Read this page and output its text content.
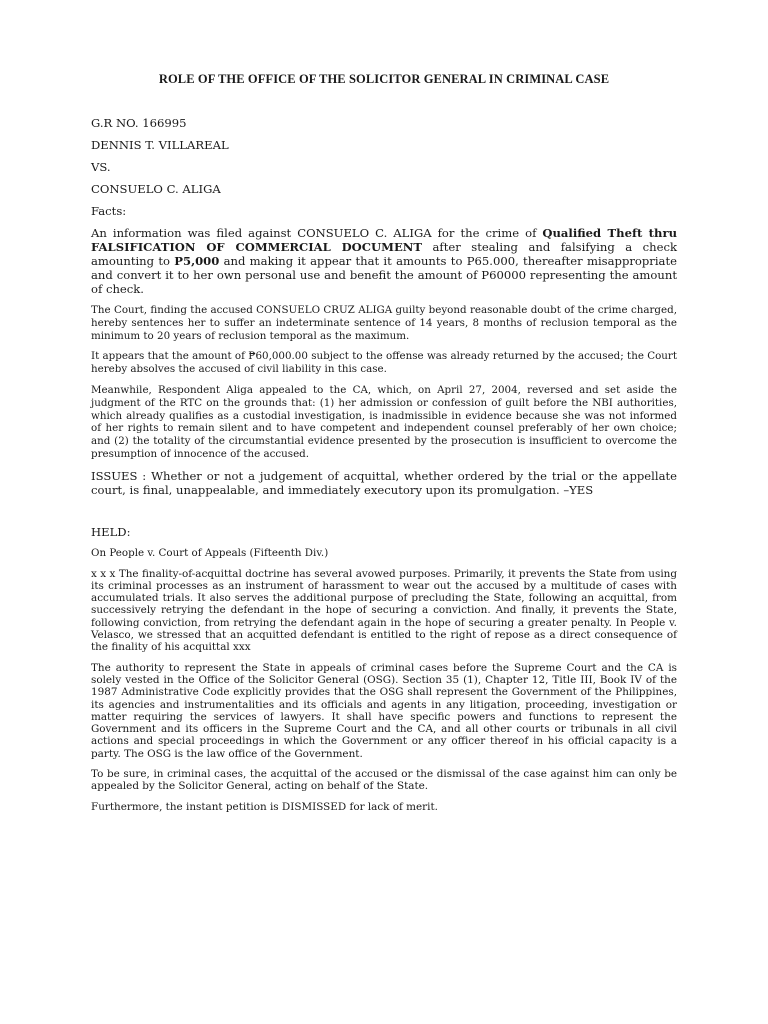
ROLE OF THE OFFICE OF THE SOLICITOR GENERAL IN CRIMINAL CASE
G.R NO. 166995
DENNIS T. VILLAREAL
VS.
CONSUELO C. ALIGA
Facts:

An information was filed against CONSUELO C. ALIGA for the crime of Qualified Theft thru FALSIFICATION OF COMMERCIAL DOCUMENT after stealing and falsifying a check amounting to P5,000 and making it appear that it amounts to P65.000, thereafter misappropriate and convert it to her own personal use and benefit the amount of P60000 representing the amount of check.

The Court, finding the accused CONSUELO CRUZ ALIGA guilty beyond reasonable doubt of the crime charged, hereby sentences her to suffer an indeterminate sentence of 14 years, 8 months of reclusion temporal as the minimum to 20 years of reclusion temporal as the maximum.

It appears that the amount of ₱60,000.00 subject to the offense was already returned by the accused; the Court hereby absolves the accused of civil liability in this case.

Meanwhile, Respondent Aliga appealed to the CA, which, on April 27, 2004, reversed and set aside the judgment of the RTC on the grounds that: (1) her admission or confession of guilt before the NBI authorities, which already qualifies as a custodial investigation, is inadmissible in evidence because she was not informed of her rights to remain silent and to have competent and independent counsel preferably of her own choice; and (2) the totality of the circumstantial evidence presented by the prosecution is insufficient to overcome the presumption of innocence of the accused.

ISSUES : Whether or not a judgement of acquittal, whether ordered by the trial or the appellate court, is final, unappealable, and immediately executory upon its promulgation. –YES

HELD:

On People v. Court of Appeals (Fifteenth Div.)

x x x The finality-of-acquittal doctrine has several avowed purposes. Primarily, it prevents the State from using its criminal processes as an instrument of harassment to wear out the accused by a multitude of cases with accumulated trials. It also serves the additional purpose of precluding the State, following an acquittal, from successively retrying the defendant in the hope of securing a conviction. And finally, it prevents the State, following conviction, from retrying the defendant again in the hope of securing a greater penalty. In People v. Velasco, we stressed that an acquitted defendant is entitled to the right of repose as a direct consequence of the finality of his acquittal xxx

The authority to represent the State in appeals of criminal cases before the Supreme Court and the CA is solely vested in the Office of the Solicitor General (OSG). Section 35 (1), Chapter 12, Title III, Book IV of the 1987 Administrative Code explicitly provides that the OSG shall represent the Government of the Philippines, its agencies and instrumentalities and its officials and agents in any litigation, proceeding, investigation or matter requiring the services of lawyers. It shall have specific powers and functions to represent the Government and its officers in the Supreme Court and the CA, and all other courts or tribunals in all civil actions and special proceedings in which the Government or any officer thereof in his official capacity is a party. The OSG is the law office of the Government.

To be sure, in criminal cases, the acquittal of the accused or the dismissal of the case against him can only be appealed by the Solicitor General, acting on behalf of the State.

Furthermore, the instant petition is DISMISSED for lack of merit.
